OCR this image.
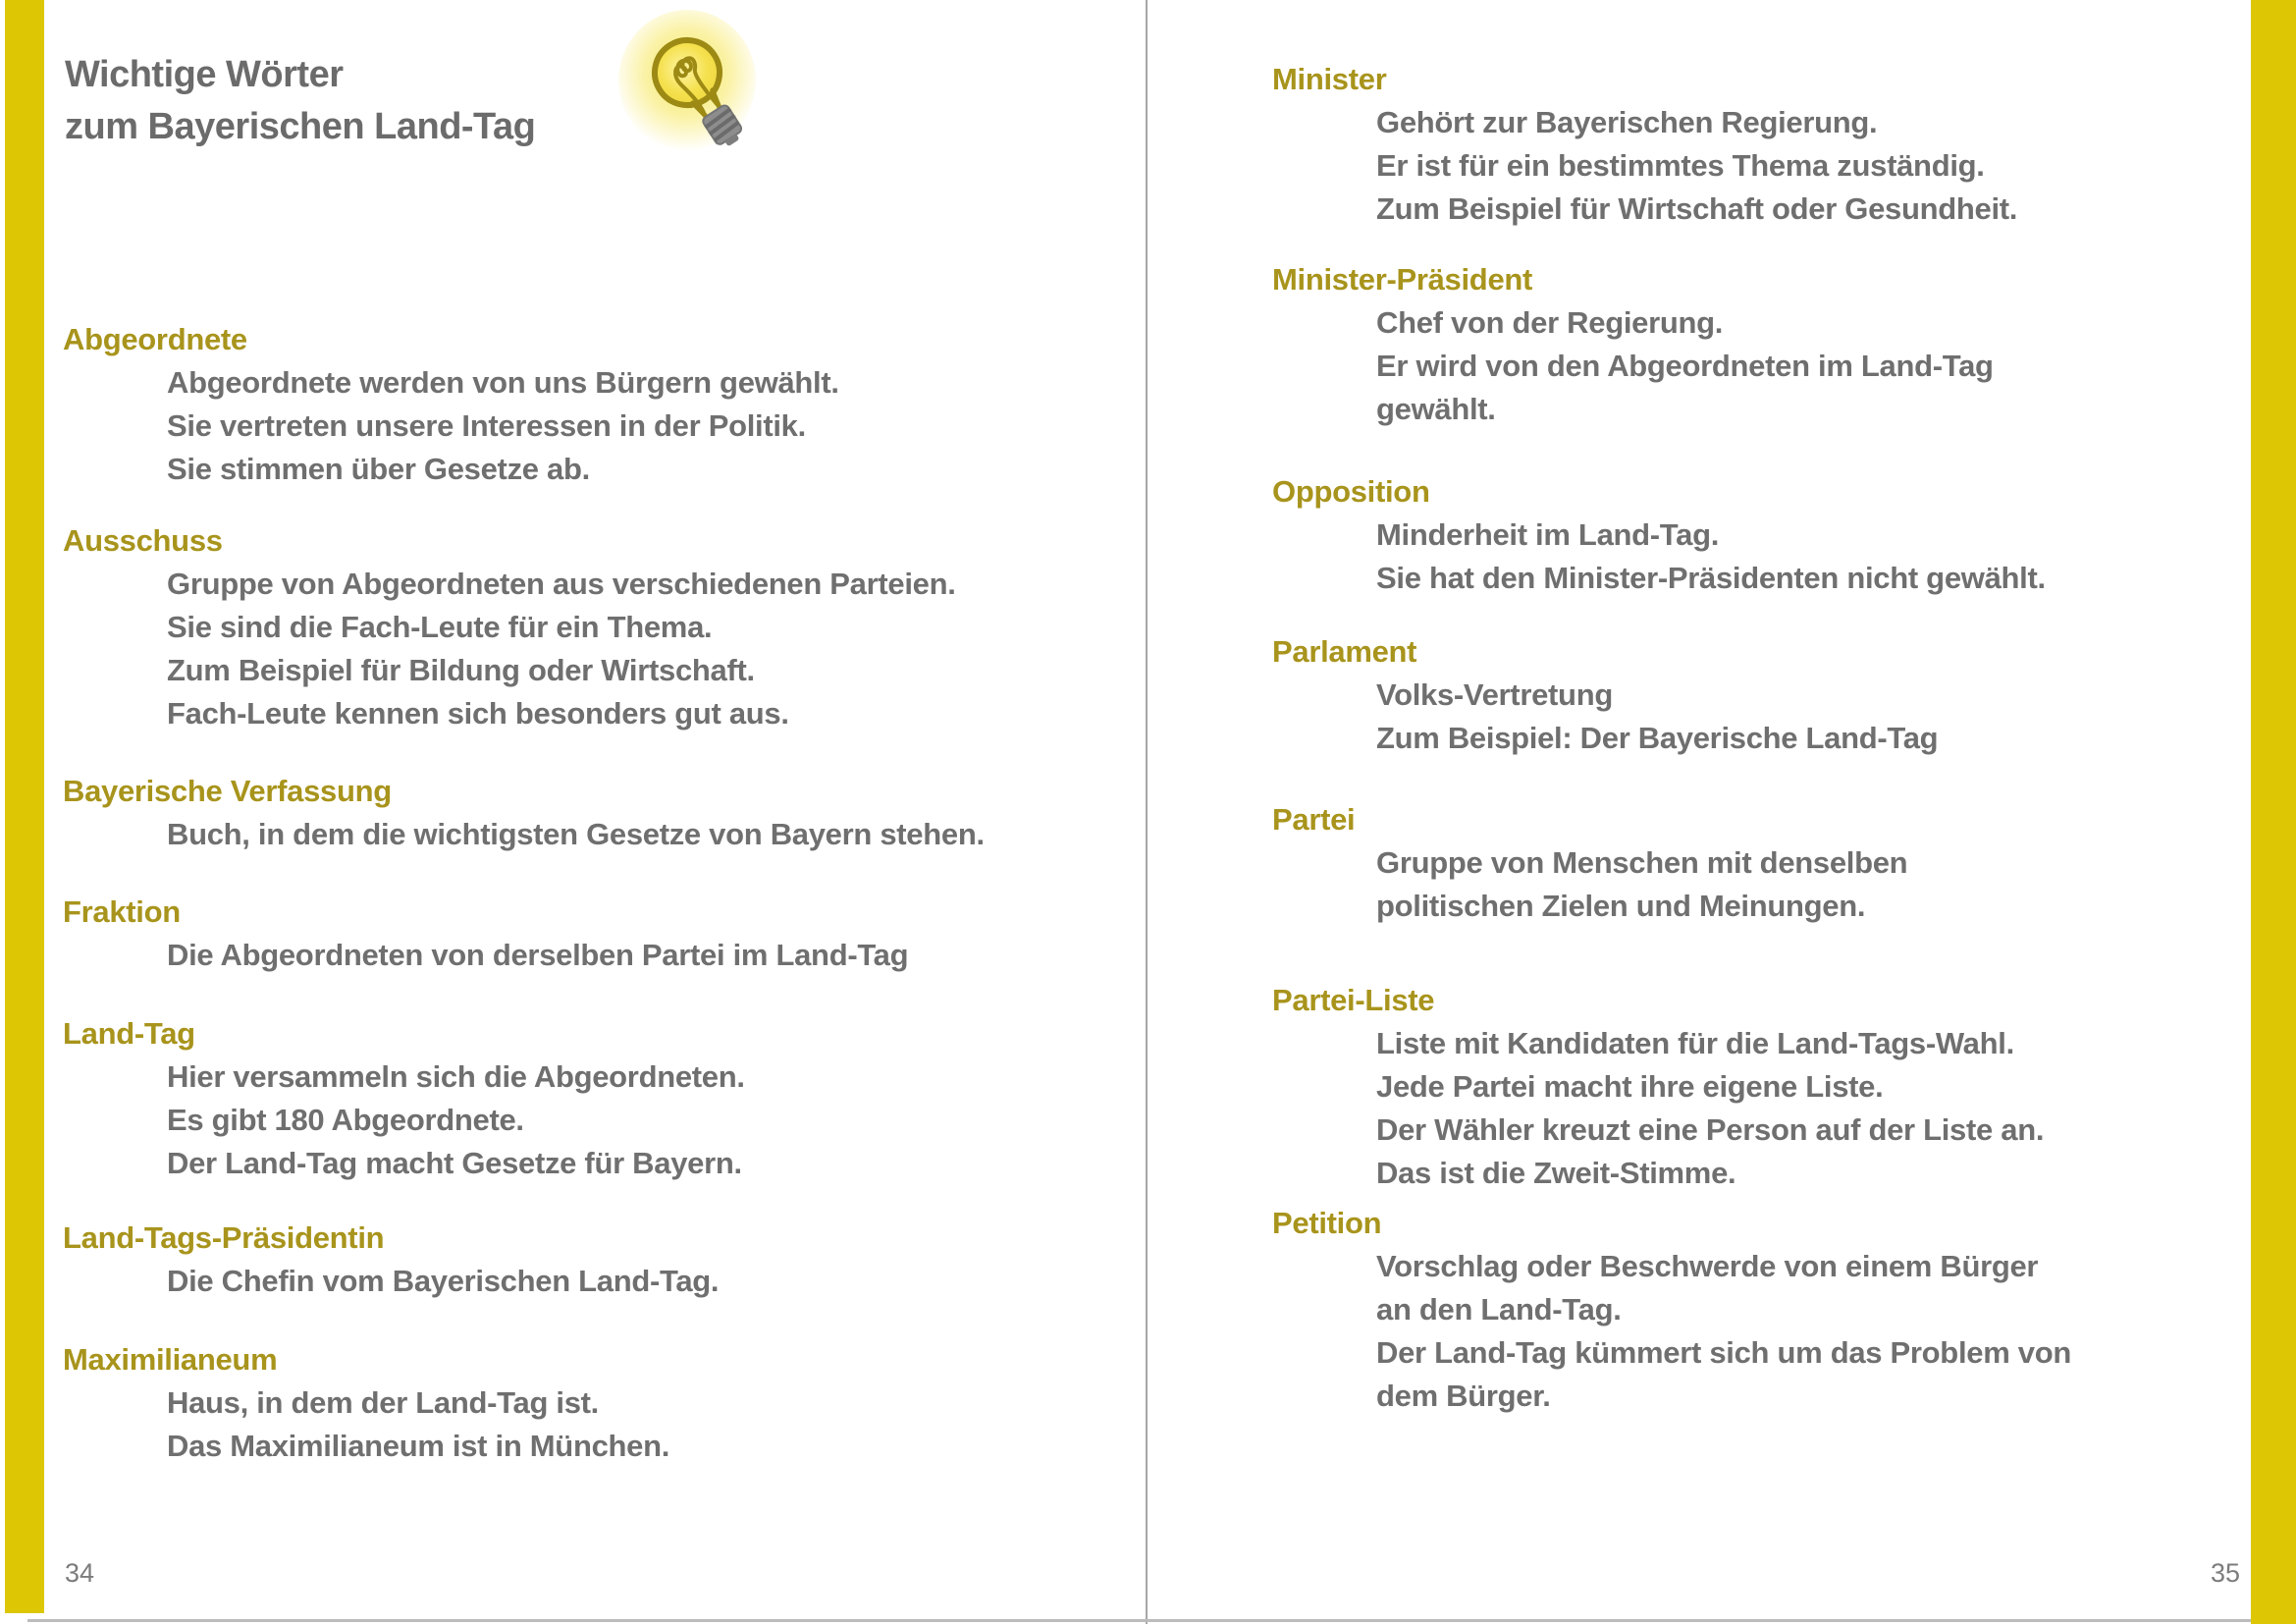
Wichtige Wörter
zum Bayerischen Land-Tag
Abgeordnete
Abgeordnete werden von uns Bürgern gewählt.
Sie vertreten unsere Interessen in der Politik.
Sie stimmen über Gesetze ab.
Ausschuss
Gruppe von Abgeordneten aus verschiedenen Parteien.
Sie sind die Fach-Leute für ein Thema.
Zum Beispiel für Bildung oder Wirtschaft.
Fach-Leute kennen sich besonders gut aus.
Bayerische Verfassung
Buch, in dem die wichtigsten Gesetze von Bayern stehen.
Fraktion
Die Abgeordneten von derselben Partei im Land-Tag
Land-Tag
Hier versammeln sich die Abgeordneten.
Es gibt 180 Abgeordnete.
Der Land-Tag macht Gesetze für Bayern.
Land-Tags-Präsidentin
Die Chefin vom Bayerischen Land-Tag.
Maximilianeum
Haus, in dem der Land-Tag ist.
Das Maximilianeum ist in München.
Minister
Gehört zur Bayerischen Regierung.
Er ist für ein bestimmtes Thema zuständig.
Zum Beispiel für Wirtschaft oder Gesundheit.
Minister-Präsident
Chef von der Regierung.
Er wird von den Abgeordneten im Land-Tag
gewählt.
Opposition
Minderheit im Land-Tag.
Sie hat den Minister-Präsidenten nicht gewählt.
Parlament
Volks-Vertretung
Zum Beispiel: Der Bayerische Land-Tag
Partei
Gruppe von Menschen mit denselben
politischen Zielen und Meinungen.
Partei-Liste
Liste mit Kandidaten für die Land-Tags-Wahl.
Jede Partei macht ihre eigene Liste.
Der Wähler kreuzt eine Person auf der Liste an.
Das ist die Zweit-Stimme.
Petition
Vorschlag oder Beschwerde von einem Bürger
an den Land-Tag.
Der Land-Tag kümmert sich um das Problem von
dem Bürger.
34	35
